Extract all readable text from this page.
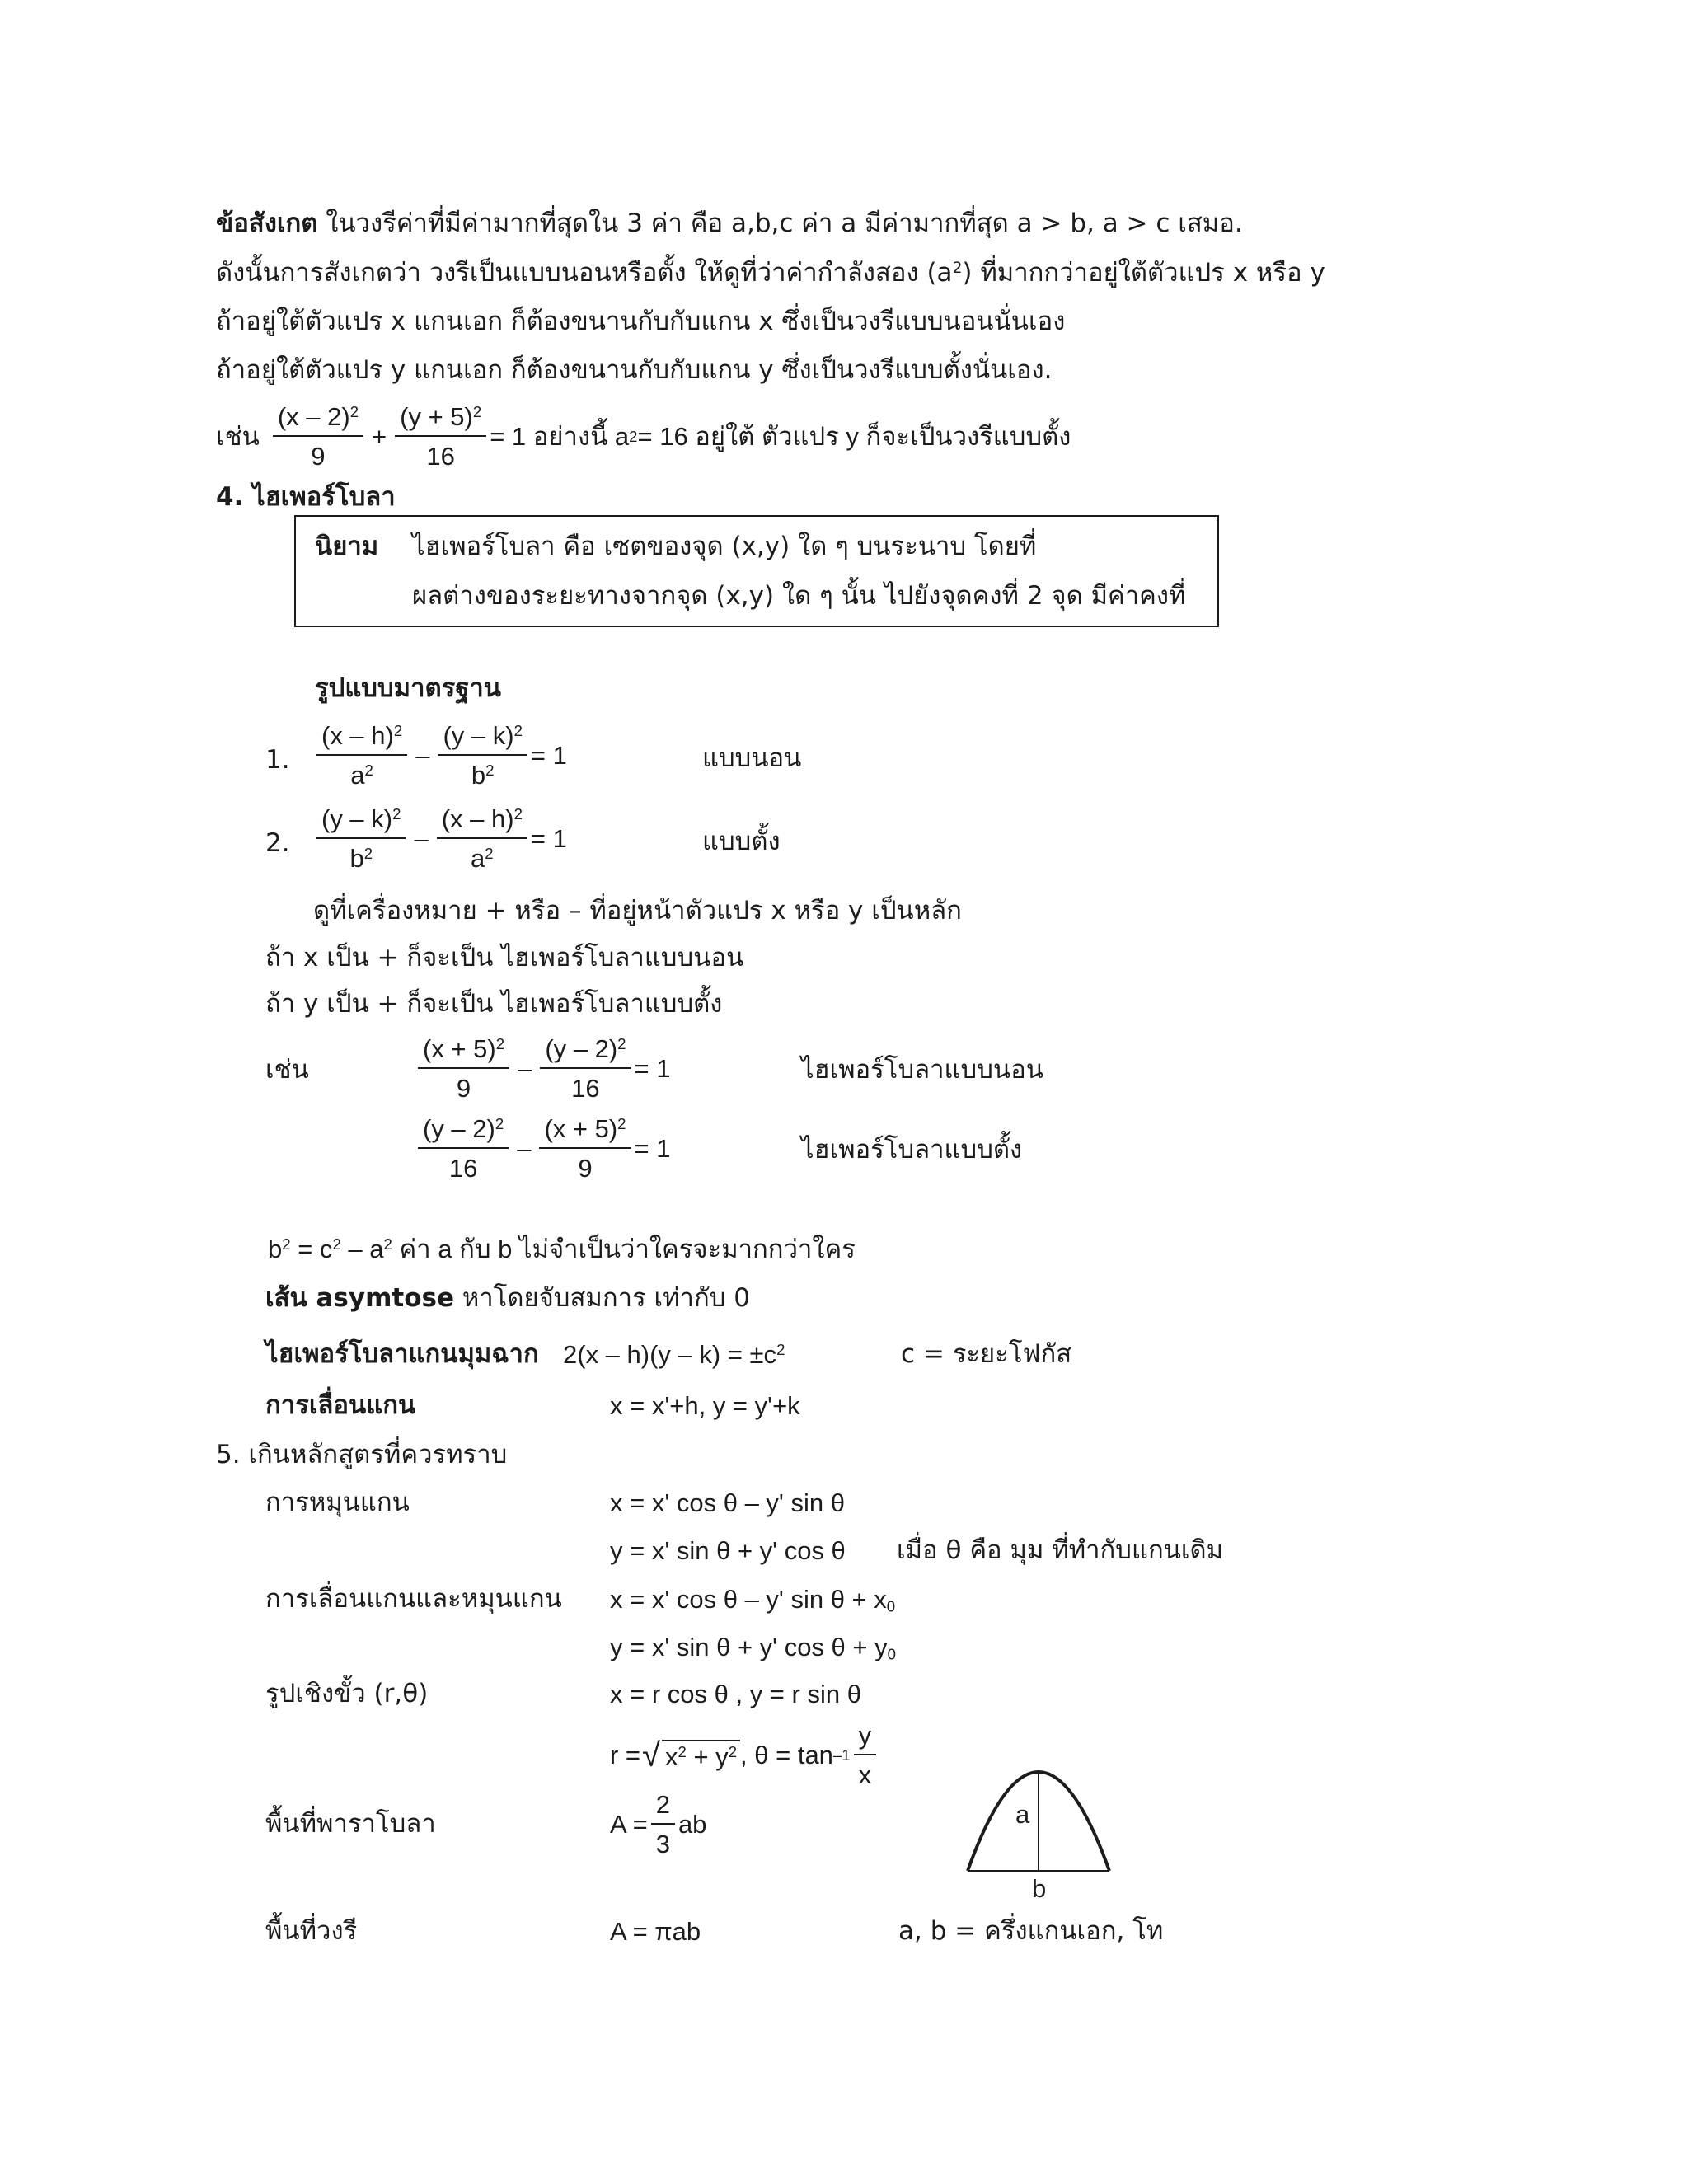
ข้อสังเกต ในวงรีค่าที่มีค่ามากที่สุดใน 3 ค่า คือ a,b,c ค่า a มีค่ามากที่สุด a > b, a > c เสมอ.
ดังนั้นการสังเกตว่า วงรีเป็นแบบนอนหรือตั้ง ให้ดูที่ว่าค่ากำลังสอง $(a^2)$ ที่มากกว่าอยู่ใต้ตัวแปร x หรือ y
ถ้าอยู่ใต้ตัวแปร x แกนเอก ก็ต้องขนานกับกับแกน x ซึ่งเป็นวงรีแบบนอนนั่นเอง
ถ้าอยู่ใต้ตัวแปร y แกนเอก ก็ต้องขนานกับกับแกน y ซึ่งเป็นวงรีแบบตั้งนั่นเอง.
เช่น $\frac{(x - 2)^2}{9} + \frac{(y + 5)^2}{16} = 1$ อย่างนี้ a 2 = 16 อยู่ใต้ ตัวแปร y ก็จะเป็นวงรีแบบตั้ง
4. ไฮเพอร์โบลา
นิยาม ไฮเพอร์โบลา คือ เซตของจุด (x,y) ใด ๆ บนระนาบ โดยที่
ผลต่างของระยะทางจากจุด (x,y) ใด ๆ นั้น ไปยังจุดคงที่ 2 จุด มีค่าคงที่
รูปแบบมาตรฐาน
1. $\frac{(x - h)^2}{a^2} - \frac{(y - k)^2}{b^2} = 1$	แบบนอน
2. $\frac{(y - k)^2}{b^2} - \frac{(x - h)^2}{a^2} = 1$	แบบตั้ง
ดูที่เครื่องหมาย + หรือ – ที่อยู่หน้าตัวแปร x หรือ y เป็นหลัก
ถ้า x เป็น + ก็จะเป็น ไฮเพอร์โบลาแบบนอน
ถ้า y เป็น + ก็จะเป็น ไฮเพอร์โบลาแบบตั้ง
เช่น	$\frac{(x + 5)^2}{9} - \frac{(y - 2)^2}{16} = 1$	ไฮเพอร์โบลาแบบนอน
$\frac{(y - 2)^2}{16} - \frac{(x + 5)^2}{9} = 1$	ไฮเพอร์โบลาแบบตั้ง
$b^2 = c^2 - a^2$ ค่า a กับ b ไม่จำเป็นว่าใครจะมากกว่าใคร
เส้น asymtose หาโดยจับสมการ เท่ากับ 0
ไฮเพอร์โบลาแกนมุมฉาก $2(x - h)(y - k) = \pm c^2$	c = ระยะโฟกัส
การเลื่อนแกน	x = x'+h, y = y'+k
5. เกินหลักสูตรที่ควรทราบ
การหมุนแกน	x = x' cos θ – y' sin θ
y = x' sin θ + y' cos θ เมื่อ θ คือ มุม ที่ทำกับแกนเดิม
การเลื่อนแกนและหมุนแกน x = x' cos θ – y' $\sin \theta + x_0$
y = x' sin θ + y' $\cos \theta + y_0$
รูปเชิงขั้ว (r,θ)	x = r cos θ , y = r sin θ
r = √ $x^2 + y^2$ , $\theta = \tan -1 \frac{y}{x}$
พื้นที่พาราโบลา	$A = \frac{2}{3}$ ab	a
b
พื้นที่วงรี	A = πab	a, b = ครึ่งแกนเอก, โท
